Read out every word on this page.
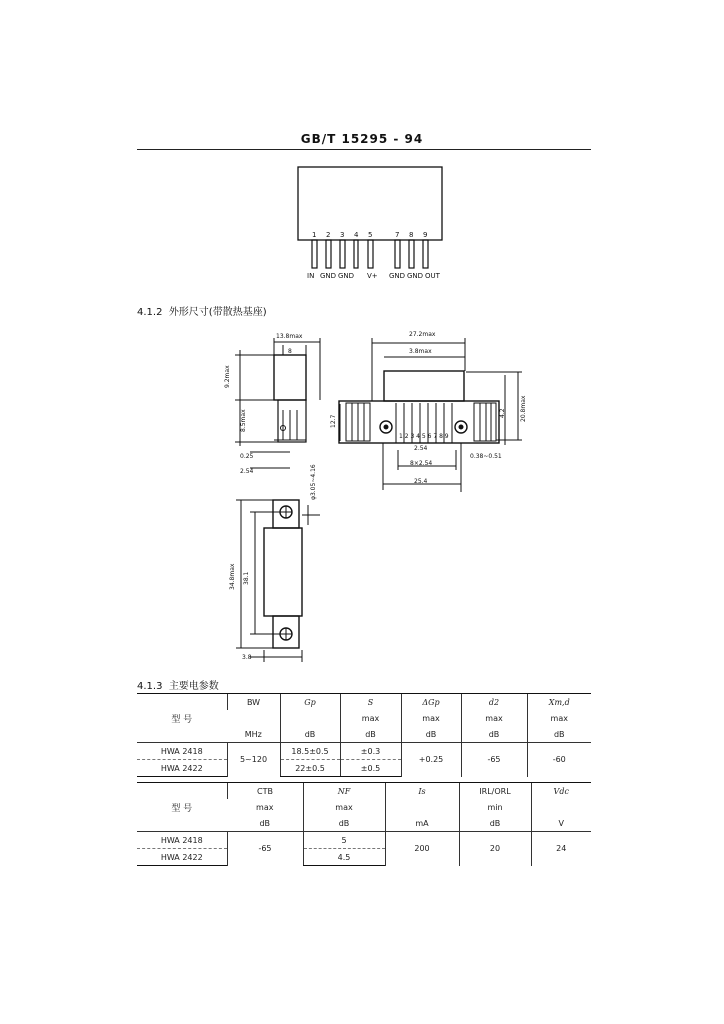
GB/T 15295 - 94
1 2 3 4 5	7 8 9
IN GND GND V+ GND GND OUT
4.1.2 外形尺寸(带散热基座)
13.8max
8
9.2max
8.5max
0.25
2.54
27.2max
3.8max
12.7
4.2 20.8max
1 2 3 4 5 6 7 8 9
2.54
8×2.54
0.38~0.51
25.4
φ3.05~4.16
34.8max 38.1
3.8
4.1.3 主要电参数
型 号	BW	Gp	S	ΔGp	d2	Xm,d
			max	max	max	max
	MHz	dB	dB	dB	dB	dB
HWA 2418	5~120	18.5±0.5	±0.3	+0.25	-65	-60
HWA 2422		22±0.5	±0.5			
型 号	CTB	NF	Is	IRL/ORL	Vdc
	max	max		min	
	dB	dB	mA	dB	V
HWA 2418	-65	5	200	20	24
HWA 2422		4.5			
